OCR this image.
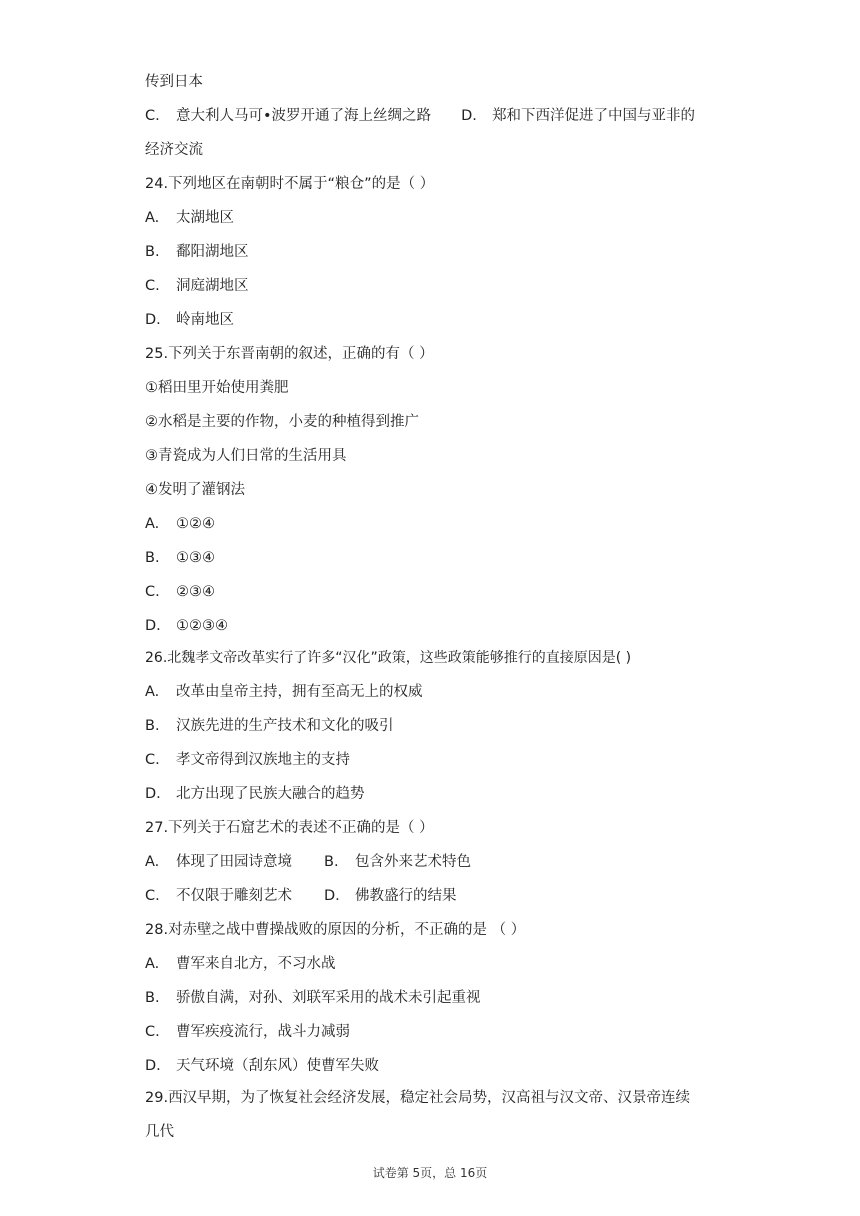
传到日本
C. 意大利人马可•波罗开通了海上丝绸之路 D. 郑和下西洋促进了中国与亚非的
经济交流
24.下列地区在南朝时不属于“粮仓”的是（ ）
A. 太湖地区
B. 鄱阳湖地区
C. 洞庭湖地区
D. 岭南地区
25.下列关于东晋南朝的叙述，正确的有（ ）
①稻田里开始使用粪肥
②水稻是主要的作物，小麦的种植得到推广
③青瓷成为人们日常的生活用具
④发明了灌钢法
A. ①②④
B. ①③④
C. ②③④
D. ①②③④
26.北魏孝文帝改革实行了许多“汉化”政策，这些政策能够推行的直接原因是( )
A. 改革由皇帝主持，拥有至高无上的权威
B. 汉族先进的生产技术和文化的吸引
C. 孝文帝得到汉族地主的支持
D. 北方出现了民族大融合的趋势
27.下列关于石窟艺术的表述不正确的是（ ）
A. 体现了田园诗意境 B. 包含外来艺术特色
C. 不仅限于雕刻艺术 D. 佛教盛行的结果
28.对赤壁之战中曹操战败的原因的分析，不正确的是 （ ）
A. 曹军来自北方，不习水战
B. 骄傲自满，对孙、刘联军采用的战术未引起重视
C. 曹军疾疫流行，战斗力减弱
D. 天气环境（刮东风）使曹军失败
29.西汉早期，为了恢复社会经济发展，稳定社会局势，汉高祖与汉文帝、汉景帝连续
几代
试卷第 5页，总 16页
